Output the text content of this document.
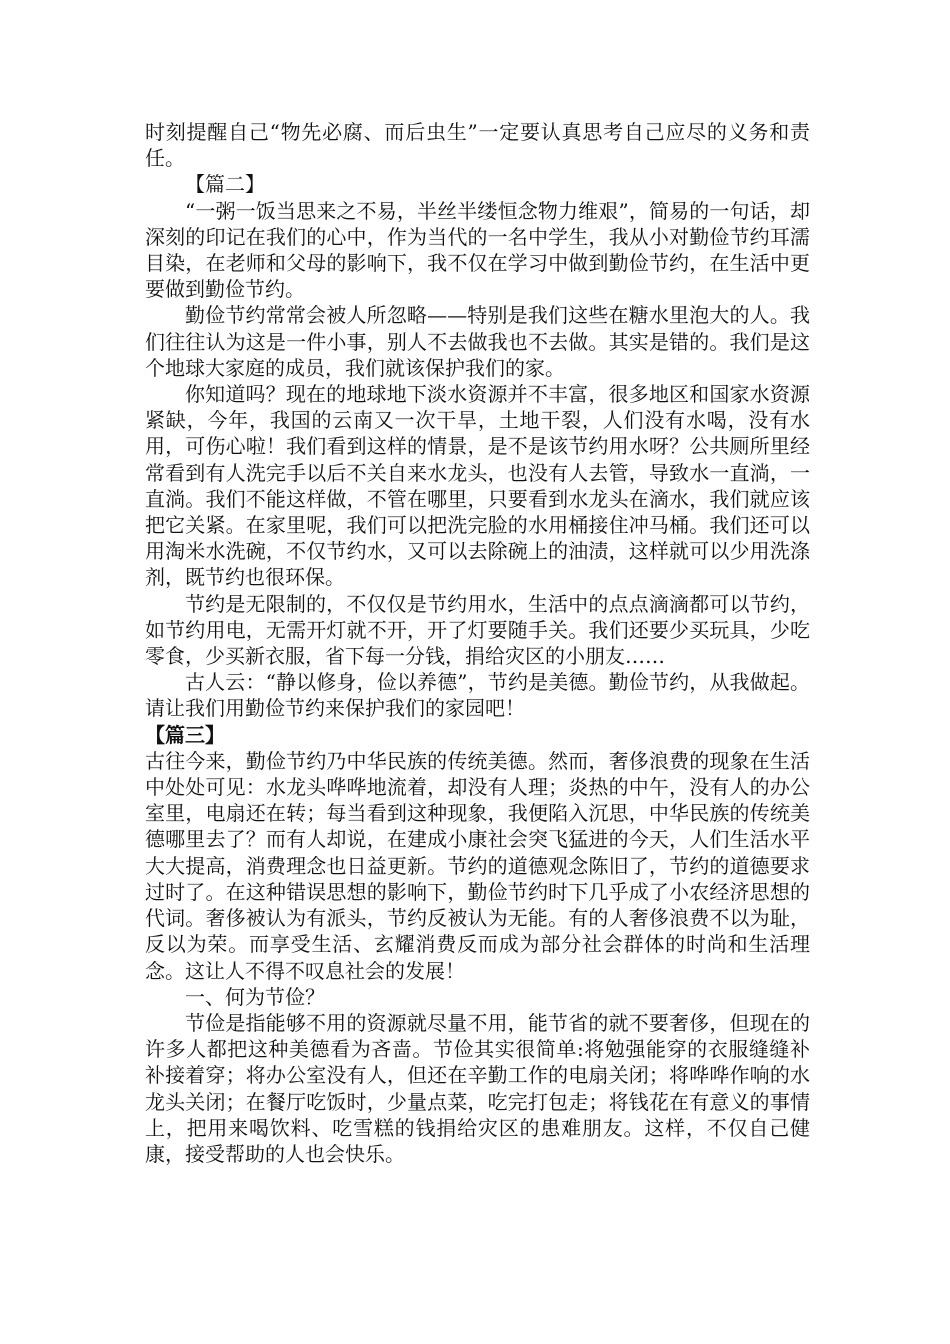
时刻提醒自己“物先必腐、而后虫生”一定要认真思考自己应尽的义务和责任。

【篇二】

“一粥一饭当思来之不易，半丝半缕恒念物力维艰”，简易的一句话，却深刻的印记在我们的心中，作为当代的一名中学生，我从小对勤俭节约耳濡目染，在老师和父母的影响下，我不仅在学习中做到勤俭节约，在生活中更要做到勤俭节约。

勤俭节约常常会被人所忽略——特别是我们这些在糖水里泡大的人。我们往往认为这是一件小事，别人不去做我也不去做。其实是错的。我们是这个地球大家庭的成员，我们就该保护我们的家。

你知道吗？现在的地球地下淡水资源并不丰富，很多地区和国家水资源紧缺，今年，我国的云南又一次干旱，土地干裂，人们没有水喝，没有水用，可伤心啦！我们看到这样的情景，是不是该节约用水呀？公共厕所里经常看到有人洗完手以后不关自来水龙头，也没有人去管，导致水一直淌，一直淌。我们不能这样做，不管在哪里，只要看到水龙头在滴水，我们就应该把它关紧。在家里呢，我们可以把洗完脸的水用桶接住冲马桶。我们还可以用淘米水洗碗，不仅节约水，又可以去除碗上的油渍，这样就可以少用洗涤剂，既节约也很环保。

节约是无限制的，不仅仅是节约用水，生活中的点点滴滴都可以节约，如节约用电，无需开灯就不开，开了灯要随手关。我们还要少买玩具，少吃零食，少买新衣服，省下每一分钱，捐给灾区的小朋友……

古人云：“静以修身，俭以养德”，节约是美德。勤俭节约，从我做起。请让我们用勤俭节约来保护我们的家园吧！

【篇三】

古往今来，勤俭节约乃中华民族的传统美德。然而，奢侈浪费的现象在生活中处处可见：水龙头哗哗地流着，却没有人理；炎热的中午，没有人的办公室里，电扇还在转；每当看到这种现象，我便陷入沉思，中华民族的传统美德哪里去了？而有人却说，在建成小康社会突飞猛进的今天，人们生活水平大大提高，消费理念也日益更新。节约的道德观念陈旧了，节约的道德要求过时了。在这种错误思想的影响下，勤俭节约时下几乎成了小农经济思想的代词。奢侈被认为有派头，节约反被认为无能。有的人奢侈浪费不以为耻，反以为荣。而享受生活、玄耀消费反而成为部分社会群体的时尚和生活理念。这让人不得不叹息社会的发展！

一、何为节俭？

节俭是指能够不用的资源就尽量不用，能节省的就不要奢侈，但现在的许多人都把这种美德看为吝啬。节俭其实很简单:将勉强能穿的衣服缝缝补补接着穿；将办公室没有人，但还在辛勤工作的电扇关闭；将哗哗作响的水龙头关闭；在餐厅吃饭时，少量点菜，吃完打包走；将钱花在有意义的事情上，把用来喝饮料、吃雪糕的钱捐给灾区的患难朋友。这样，不仅自己健康，接受帮助的人也会快乐。
